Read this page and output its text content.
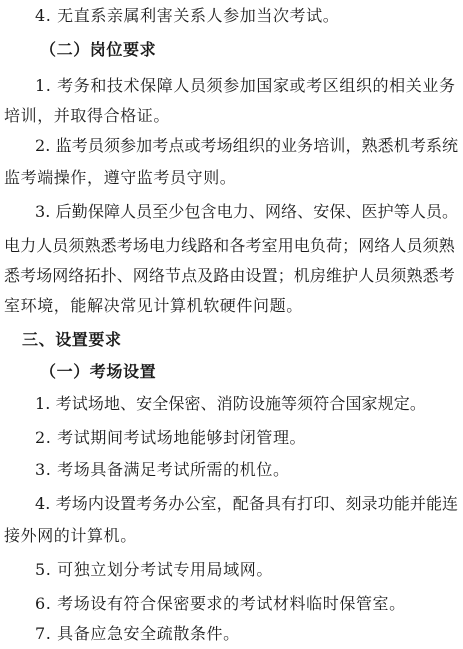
4. 无直系亲属利害关系人参加当次考试。
（二）岗位要求
1. 考务和技术保障人员须参加国家或考区组织的相关业务
培训，并取得合格证。
2. 监考员须参加考点或考场组织的业务培训，熟悉机考系统
监考端操作，遵守监考员守则。
3. 后勤保障人员至少包含电力、网络、安保、医护等人员。
电力人员须熟悉考场电力线路和各考室用电负荷；网络人员须熟
悉考场网络拓扑、网络节点及路由设置；机房维护人员须熟悉考
室环境，能解决常见计算机软硬件问题。
三、设置要求
（一）考场设置
1. 考试场地、安全保密、消防设施等须符合国家规定。
2. 考试期间考试场地能够封闭管理。
3. 考场具备满足考试所需的机位。
4. 考场内设置考务办公室，配备具有打印、刻录功能并能连
接外网的计算机。
5. 可独立划分考试专用局域网。
6. 考场设有符合保密要求的考试材料临时保管室。
7. 具备应急安全疏散条件。
